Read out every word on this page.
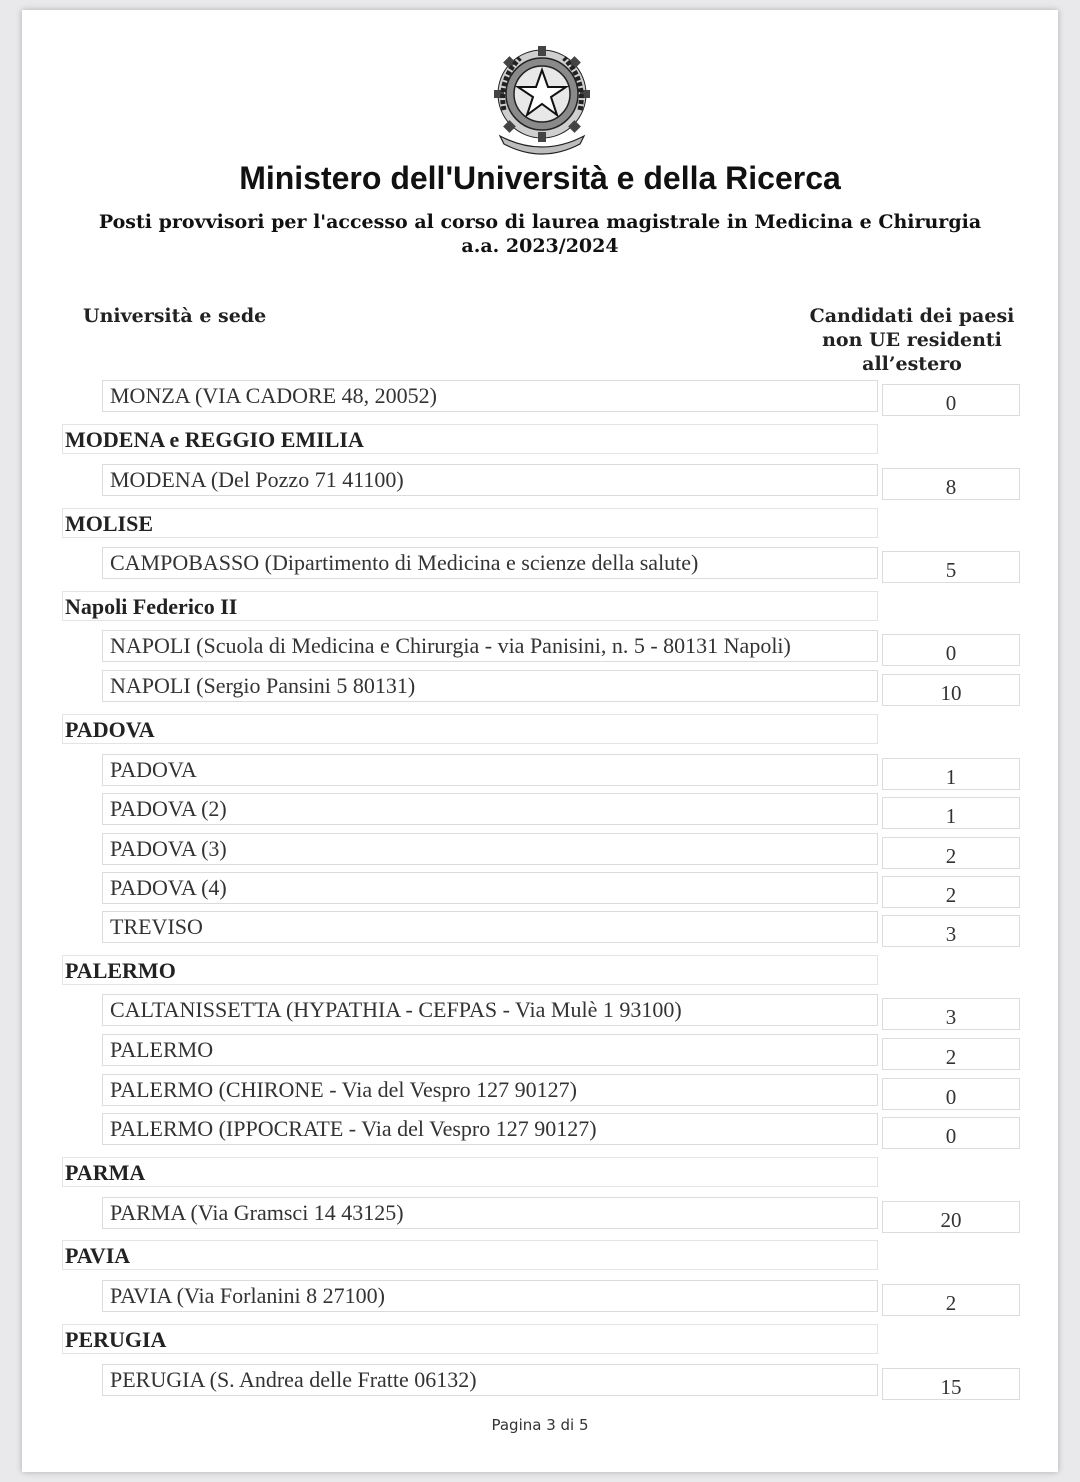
Ministero dell'Università e della Ricerca
Posti provvisori per l'accesso al corso di laurea magistrale in Medicina e Chirurgia
a.a. 2023/2024
Università e sede	Candidati dei paesi
non UE residenti
all’estero
MONZA (VIA CADORE 48, 20052)	0
MODENA e REGGIO EMILIA
MODENA (Del Pozzo 71 41100)	8
MOLISE
CAMPOBASSO (Dipartimento di Medicina e scienze della salute)	5
Napoli Federico II
NAPOLI (Scuola di Medicina e Chirurgia - via Panisini, n. 5 - 80131 Napoli)	0
NAPOLI (Sergio Pansini 5 80131)	10
PADOVA
PADOVA	1
PADOVA (2)	1
PADOVA (3)	2
PADOVA (4)	2
TREVISO	3
PALERMO
CALTANISSETTA (HYPATHIA - CEFPAS - Via Mulè 1 93100)	3
PALERMO	2
PALERMO (CHIRONE - Via del Vespro 127 90127)	0
PALERMO (IPPOCRATE - Via del Vespro 127 90127)	0
PARMA
PARMA (Via Gramsci 14 43125)	20
PAVIA
PAVIA (Via Forlanini 8 27100)	2
PERUGIA
PERUGIA (S. Andrea delle Fratte 06132)	15
Pagina 3 di 5
